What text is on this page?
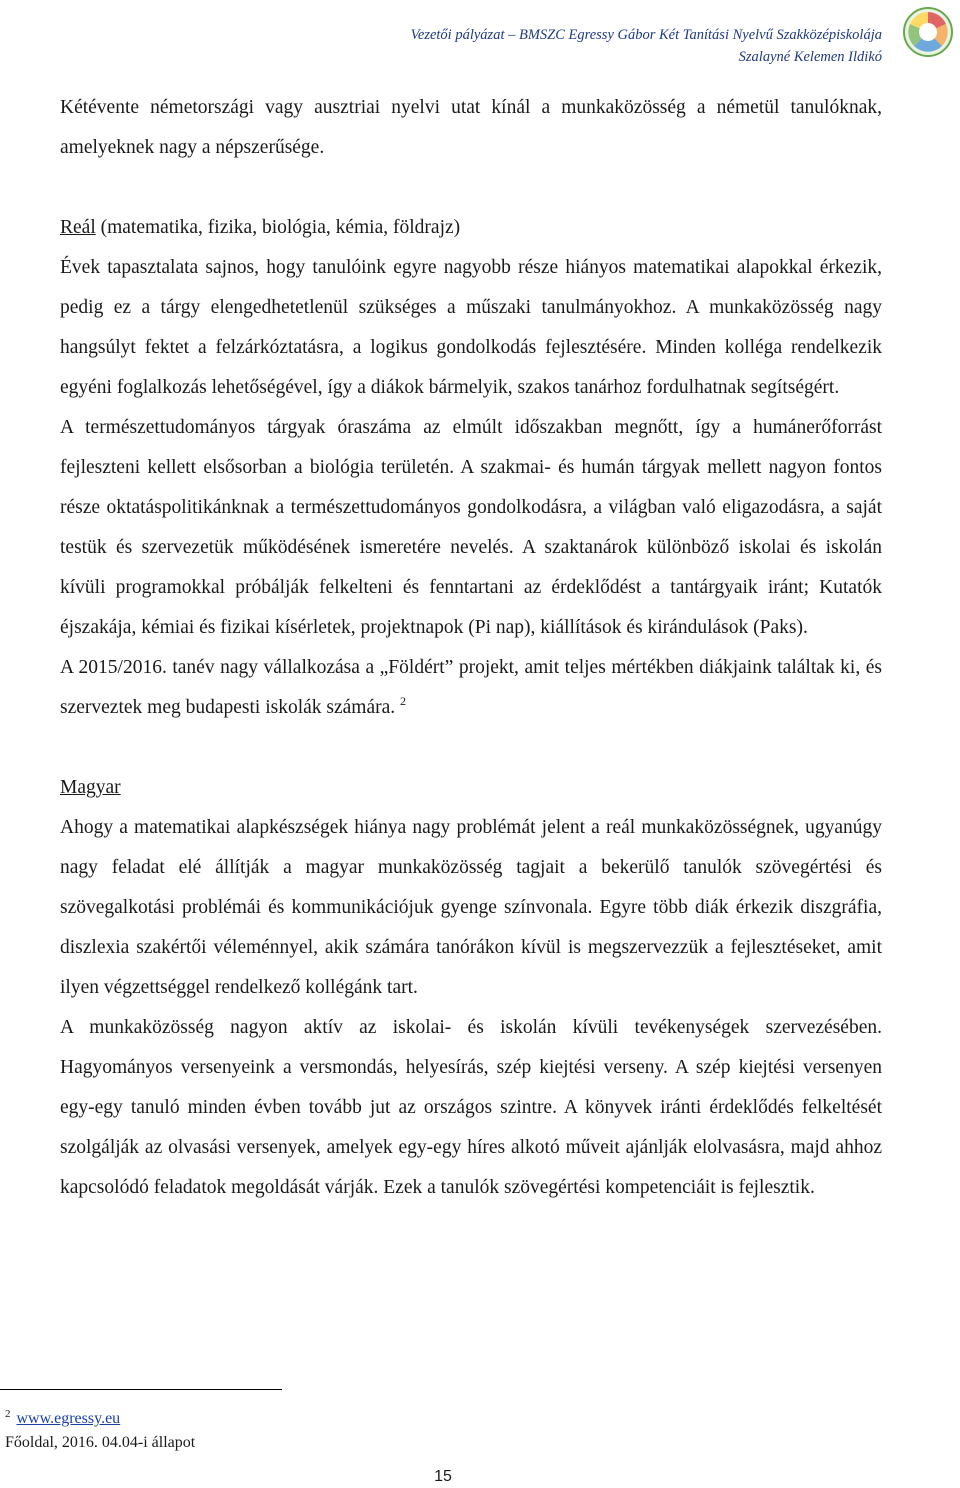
Vezetői pályázat – BMSZC Egressy Gábor Két Tanítási Nyelvű Szakközépiskolája
Szalayné Kelemen Ildikó

Kétévente németországi vagy ausztriai nyelvi utat kínál a munkaközösség a németül tanulóknak, amelyeknek nagy a népszerűsége.

Reál (matematika, fizika, biológia, kémia, földrajz)

Évek tapasztalata sajnos, hogy tanulóink egyre nagyobb része hiányos matematikai alapokkal érkezik, pedig ez a tárgy elengedhetetlenül szükséges a műszaki tanulmányokhoz. A munkaközösség nagy hangsúlyt fektet a felzárkóztatásra, a logikus gondolkodás fejlesztésére. Minden kolléga rendelkezik egyéni foglalkozás lehetőségével, így a diákok bármelyik, szakos tanárhoz fordulhatnak segítségért.

A természettudományos tárgyak óraszáma az elmúlt időszakban megnőtt, így a humánerőforrást fejleszteni kellett elsősorban a biológia területén. A szakmai- és humán tárgyak mellett nagyon fontos része oktatáspolitikánknak a természettudományos gondolkodásra, a világban való eligazodásra, a saját testük és szervezetük működésének ismeretére nevelés. A szaktanárok különböző iskolai és iskolán kívüli programokkal próbálják felkelteni és fenntartani az érdeklődést a tantárgyaik iránt; Kutatók éjszakája, kémiai és fizikai kísérletek, projektnapok (Pi nap), kiállítások és kirándulások (Paks).

A 2015/2016. tanév nagy vállalkozása a „Földért” projekt, amit teljes mértékben diákjaink találtak ki, és szerveztek meg budapesti iskolák számára. $^2$

Magyar

Ahogy a matematikai alapkészségek hiánya nagy problémát jelent a reál munkaközösségnek, ugyanúgy nagy feladat elé állítják a magyar munkaközösség tagjait a bekerülő tanulók szövegértési és szövegalkotási problémái és kommunikációjuk gyenge színvonala. Egyre több diák érkezik diszgráfia, diszlexia szakértői véleménnyel, akik számára tanórákon kívül is megszervezzük a fejlesztéseket, amit ilyen végzettséggel rendelkező kollégánk tart.

A munkaközösség nagyon aktív az iskolai- és iskolán kívüli tevékenységek szervezésében. Hagyományos versenyeink a versmondás, helyesírás, szép kiejtési verseny. A szép kiejtési versenyen egy-egy tanuló minden évben tovább jut az országos szintre. A könyvek iránti érdeklődés felkeltését szolgálják az olvasási versenyek, amelyek egy-egy híres alkotó műveit ajánlják elolvasásra, majd ahhoz kapcsolódó feladatok megoldását várják. Ezek a tanulók szövegértési kompetenciáit is fejlesztik.

$^2$ www.egressy.eu
Főoldal, 2016. 04.04-i állapot
15
